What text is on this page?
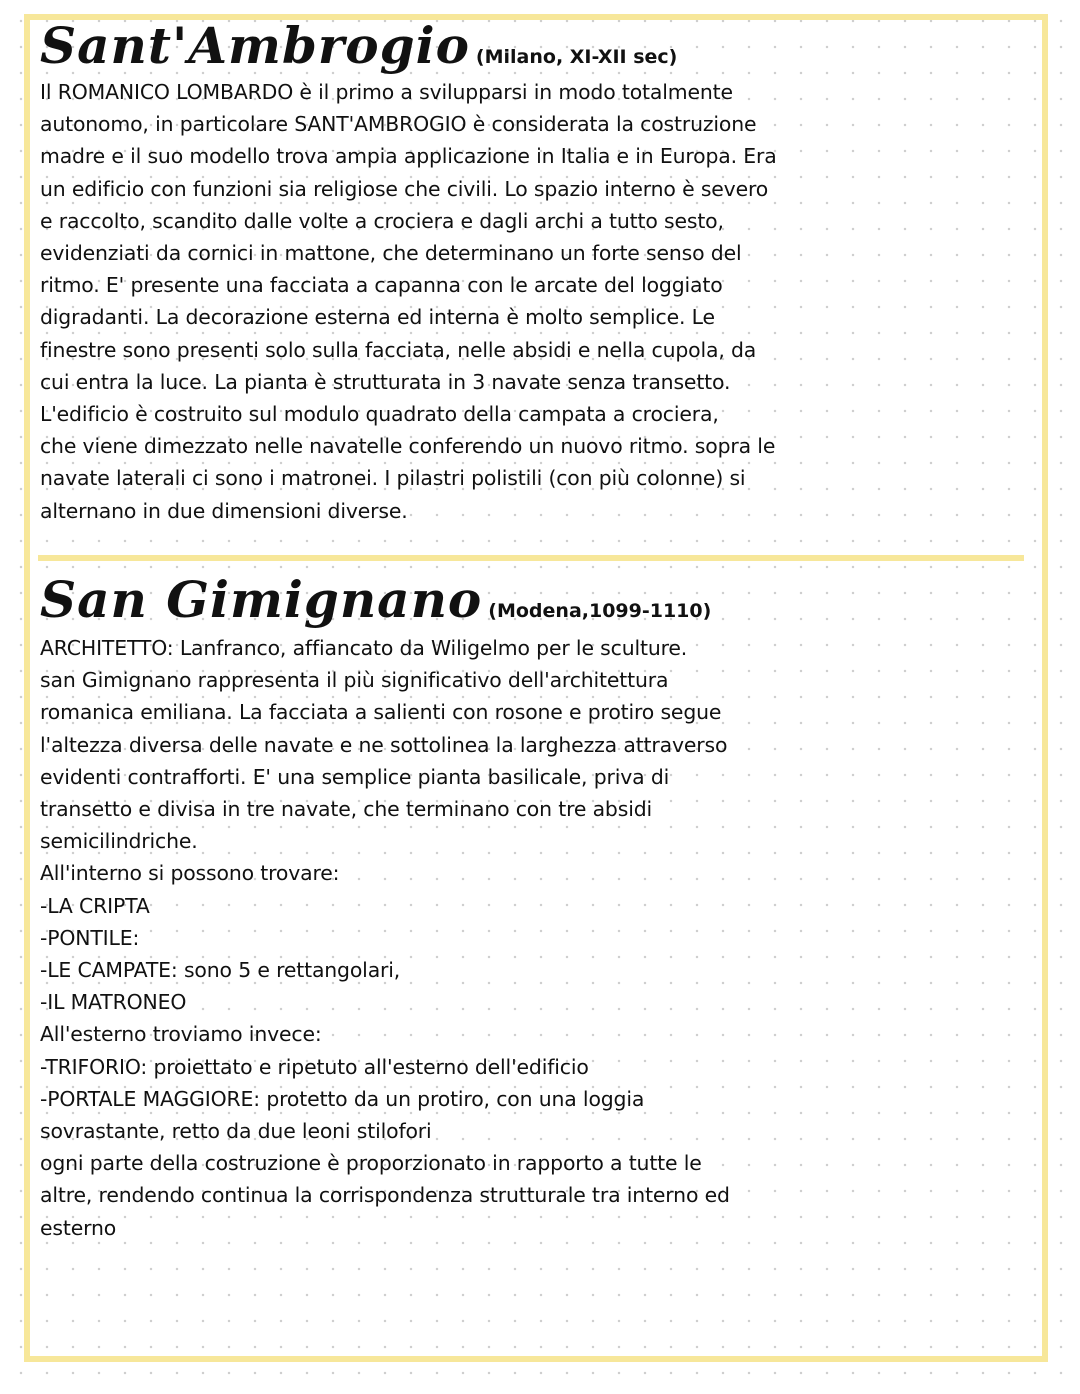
Sant'Ambrogio (Milano, XI-XII sec)

Il ROMANICO LOMBARDO è il primo a svilupparsi in modo totalmente
autonomo, in particolare SANT'AMBROGIO è considerata la costruzione
madre e il suo modello trova ampia applicazione in Italia e in Europa. Era
un edificio con funzioni sia religiose che civili. Lo spazio interno è severo
e raccolto, scandito dalle volte a crociera e dagli archi a tutto sesto,
evidenziati da cornici in mattone, che determinano un forte senso del
ritmo. E' presente una facciata a capanna con le arcate del loggiato
digradanti. La decorazione esterna ed interna è molto semplice. Le
finestre sono presenti solo sulla facciata, nelle absidi e nella cupola, da
cui entra la luce. La pianta è strutturata in 3 navate senza transetto.
L'edificio è costruito sul modulo quadrato della campata a crociera,
che viene dimezzato nelle navatelle conferendo un nuovo ritmo. sopra le
navate laterali ci sono i matronei. I pilastri polistili (con più colonne) si
alternano in due dimensioni diverse.

San Gimignano (Modena,1099-1110)

ARCHITETTO: Lanfranco, affiancato da Wiligelmo per le sculture.
san Gimignano rappresenta il più significativo dell'architettura
romanica emiliana. La facciata a salienti con rosone e protiro segue
l'altezza diversa delle navate e ne sottolinea la larghezza attraverso
evidenti contrafforti. E' una semplice pianta basilicale, priva di
transetto e divisa in tre navate, che terminano con tre absidi
semicilindriche.
All'interno si possono trovare:
-LA CRIPTA
-PONTILE:
-LE CAMPATE: sono 5 e rettangolari,
-IL MATRONEO
All'esterno troviamo invece:
-TRIFORIO: proiettato e ripetuto all'esterno dell'edificio
-PORTALE MAGGIORE: protetto da un protiro, con una loggia
sovrastante, retto da due leoni stilofori
ogni parte della costruzione è proporzionato in rapporto a tutte le
altre, rendendo continua la corrispondenza strutturale tra interno ed
esterno
